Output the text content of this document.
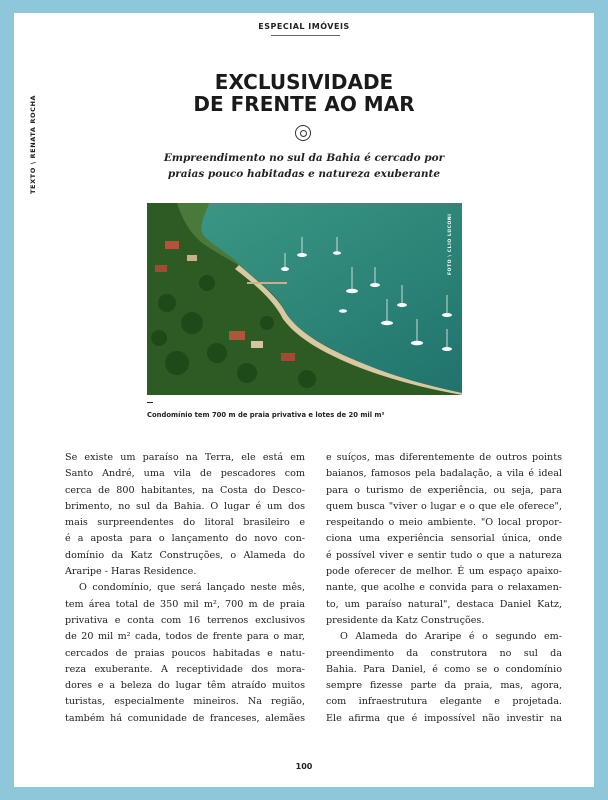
ESPECIAL IMÓVEIS
TEXTO \ RENATA ROCHA
EXCLUSIVIDADE
DE FRENTE AO MAR
Empreendimento no sul da Bahia é cercado por
praias pouco habitadas e natureza exuberante
FOTO \ CLIO LUCONI
Condomínio tem 700 m de praia privativa e lotes de 20 mil m²

Se existe um paraíso na Terra, ele está em
Santo André, uma vila de pescadores com
cerca de 800 habitantes, na Costa do Desco-
brimento, no sul da Bahia. O lugar é um dos
mais surpreendentes do litoral brasileiro e
é a aposta para o lançamento do novo con-
domínio da Katz Construções, o Alameda do
Araripe - Haras Residence.

O condomínio, que será lançado neste mês,
tem área total de 350 mil m², 700 m de praia
privativa e conta com 16 terrenos exclusivos
de 20 mil m² cada, todos de frente para o mar,
cercados de praias poucos habitadas e natu-
reza exuberante. A receptividade dos mora-
dores e a beleza do lugar têm atraído muitos
turistas, especialmente mineiros. Na região,
também há comunidade de franceses, alemães

e suíços, mas diferentemente de outros points
baianos, famosos pela badalação, a vila é ideal
para o turismo de experiência, ou seja, para
quem busca "viver o lugar e o que ele oferece",
respeitando o meio ambiente. "O local propor-
ciona uma experiência sensorial única, onde
é possível viver e sentir tudo o que a natureza
pode oferecer de melhor. É um espaço apaixo-
nante, que acolhe e convida para o relaxamen-
to, um paraíso natural", destaca Daniel Katz,
presidente da Katz Construções.

O Alameda do Araripe é o segundo em-
preendimento da construtora no sul da
Bahia. Para Daniel, é como se o condomínio
sempre fizesse parte da praia, mas, agora,
com infraestrutura elegante e projetada.
Ele afirma que é impossível não investir na

100
